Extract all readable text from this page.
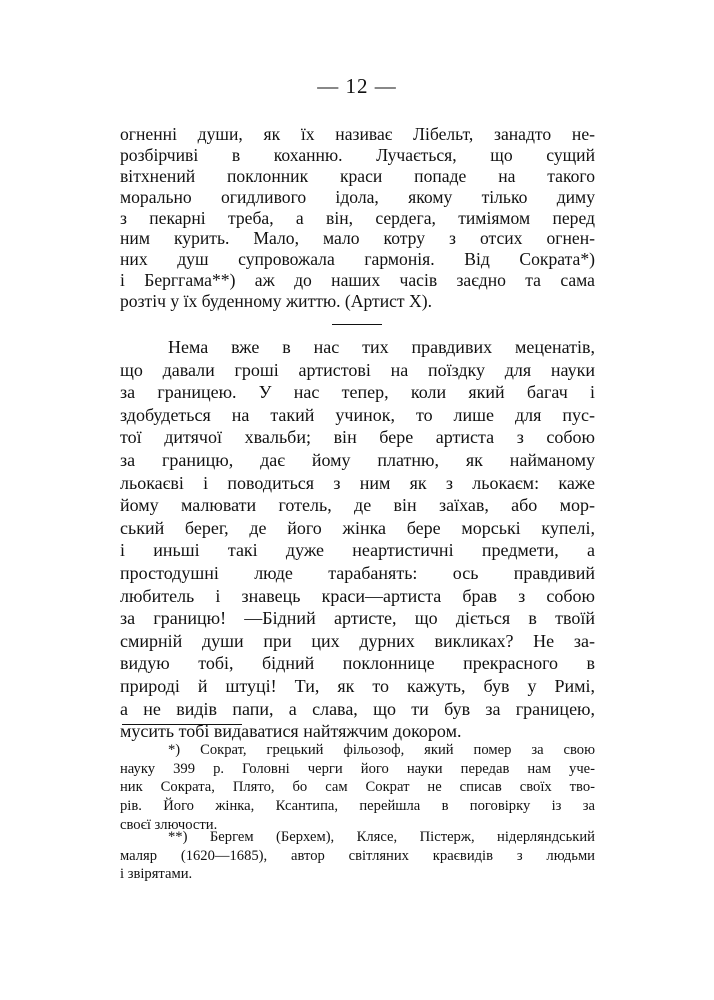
— 12 —
огненні души, як їх називає Лібельт, занадто не-
розбірчиві в коханню. Лучається, що сущий
вітхнений поклонник краси попаде на такого
морально огидливого ідола, якому тілько диму
з пекарні треба, а він, сердега, тиміямом перед
ним курить. Мало, мало котру з отсих огнен-
них душ супровожала гармонія. Від Сократа*)
і Берггама**) аж до наших часів заєдно та сама
розтіч у їх буденному життю. (Артист X).
Нема вже в нас тих правдивих меценатів,
що давали гроші артистові на поїздку для науки
за границею. У нас тепер, коли який багач і
здобудеться на такий учинок, то лише для пус-
тої дитячої хвальби; він бере артиста з собою
за границю, дає йому платню, як найманому
льокаєві і поводиться з ним як з льокаєм: каже
йому малювати готель, де він заїхав, або мор-
ський берег, де його жінка бере морські купелі,
і иньші такі дуже неартистичні предмети, а
простодушні люде тарабанять: ось правдивий
любитель і знавець краси—артиста брав з собою
за границю! —Бідний артисте, що діється в твоїй
смирній души при цих дурних викликах? Не за-
видую тобі, бідний поклоннице прекрасного в
природі й штуці! Ти, як то кажуть, був у Римі,
а не видів папи, а слава, що ти був за границею,
мусить тобі видаватися найтяжчим докором.
*) Сократ, грецький фільозоф, який помер за свою
науку 399 р. Головні черги його науки передав нам уче-
ник Сократа, Плято, бо сам Сократ не списав своїх тво-
рів. Його жінка, Ксантипа, перейшла в поговірку із за
своєї злючости.
**) Бергем (Берхем), Клясе, Пістерж, нідерляндський
маляр (1620—1685), автор світляних краєвидів з людьми
і звірятами.
